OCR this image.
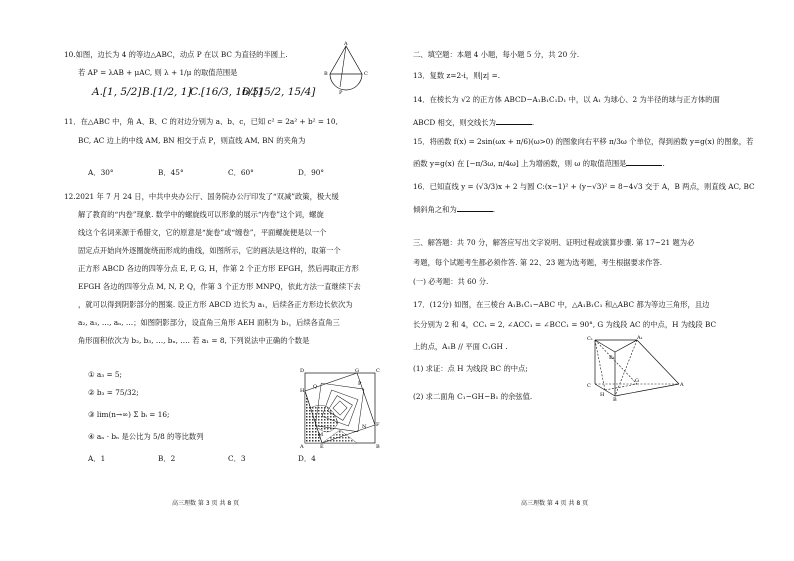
10.如图，边长为 4 的等边△ABC，动点 P 在以 BC 为直径的半圆上.
若 AP = λAB + μAC, 则 λ + 1/μ 的取值范围是
A
B	C
P
A.[1, 5/2] B.[1/2, 1]
C.[16/3, 16/5]
D.[15/2, 15/4]
11．在△ABC 中，角 A、B、C 的对边分别为 a、b、c，已知 c² = 2a² + b² = 10,
BC, AC 边上的中线 AM, BN 相交于点 P，则直线 AM, BN 的夹角为
A．30°	B．45°	C．60°	D．90°
12.2021 年 7 月 24 日，中共中央办公厅、国务院办公厅印发了“双减”政策，极大缓
解了教育的“内卷”现象. 数学中的螺旋线可以形象的展示“内卷”这个词，螺旋
线这个名词来源于希腊文，它的原意是“旋卷”或“缠卷”，平面螺旋便是以一个
固定点开始向外逐圈旋绕而形成的曲线，如图所示，它的画法是这样的，取第一个
正方形 ABCD 各边的四等分点 E, F, G, H，作第 2 个正方形 EFGH，然后再取正方形
EFGH 各边的四等分点 M, N, P, Q，作第 3 个正方形 MNPQ，依此方法一直继续下去
，就可以得到阴影部分的图案. 设正方形 ABCD 边长为 a₁，后续各正方形边长依次为
a₂, a₃, …, aₙ, …；如图阴影部分，设直角三角形 AEH 面积为 b₁，后续各直角三
角形面积依次为 b₂, b₃, …, bₙ, …. 若 a₁ = 8, 下列说法中正确的个数是
① a₃ = 5;
② b₃ = 75/32;
③ lim(n→∞) Σ bᵢ = 16;
④ aₙ · bₙ 是公比为 5/8 的等比数列
A．1	B．2	C．3	D．4
D	G	C
H
P
Q
N F
M
A	E	B
高三理数 第 3 页 共 8 页
二、填空题：本题 4 小题，每小题 5 分，共 20 分.
13．复数 z=2-i，则|z| =.
14．在棱长为 √2 的正方体 ABCD−A₁B₁C₁D₁ 中，以 A₁ 为球心、2 为半径的球与正方体的面
ABCD 相交，则交线长为	.
15．将函数 f(x) = 2sin(ωx + π/6)(ω>0) 的图象向右平移 π/3ω 个单位，得到函数 y=g(x) 的图象，若
函数 y=g(x) 在 [−π/3ω, π/4ω] 上为增函数，则 ω 的取值范围是	.
16．已知直线 y = (√3/3)x + 2 与圆 C:(x−1)² + (y−√3)² = 8−4√3 交于 A，B 两点，则直线 AC, BC
倾斜角之和为	.
三、解答题：共 70 分，解答应写出文字说明、证明过程或演算步骤. 第 17~21 题为必
考题，每个试题考生都必须作答. 第 22、23 题为选考题，考生根据要求作答.
(一) 必考题：共 60 分.
17．(12分) 如图，在三棱台 A₁B₁C₁−ABC 中，△A₁B₁C₁ 和△ABC 都为等边三角形，且边
长分别为 2 和 4，CC₁ = 2, ∠ACC₁ = ∠BCC₁ = 90°, G 为线段 AC 的中点，H 为线段 BC
上的点，A₁B // 平面 C₁GH .
(1) 求证：点 H 为线段 BC 的中点;
(2) 求二面角 C₁−GH−B₁ 的余弦值.
C₁	A₁
B₁
C
G
A
H
B
高三理数 第 4 页 共 8 页
